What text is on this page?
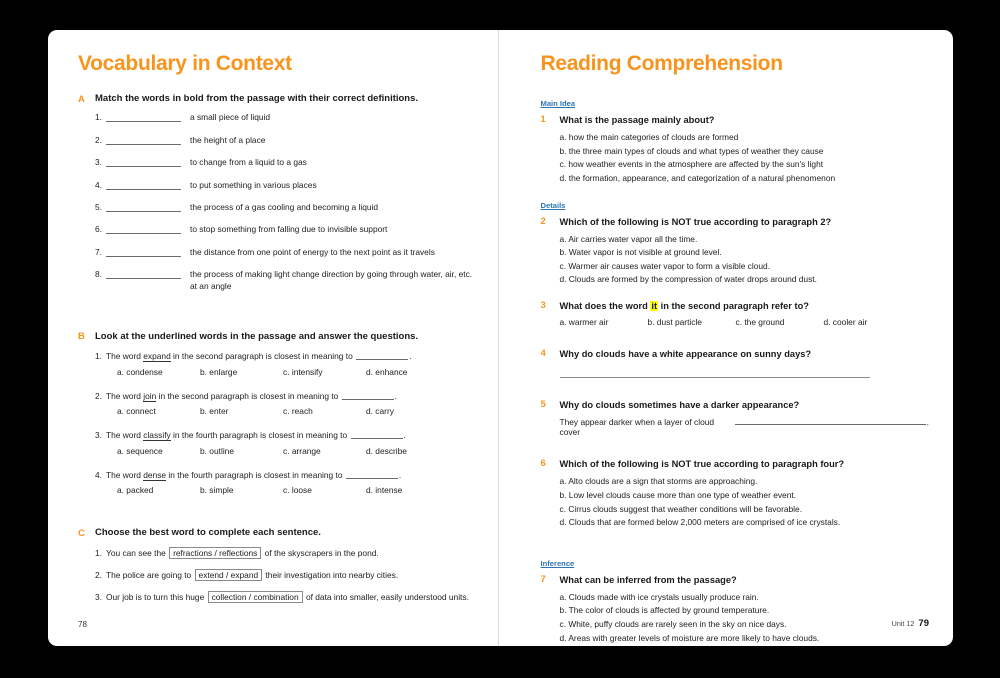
Vocabulary in Context
A	Match the words in bold from the passage with their correct definitions.
1.	a small piece of liquid
2.	the height of a place
3.	to change from a liquid to a gas
4.	to put something in various places
5.	the process of a gas cooling and becoming a liquid
6.	to stop something from falling due to invisible support
7.	the distance from one point of energy to the next point as it travels
8.	the process of making light change direction by going through water, air, etc. at an angle
B	Look at the underlined words in the passage and answer the questions.
1. The word expand in the second paragraph is closest in meaning to	.
a. condense	b. enlarge	c. intensify	d. enhance
2. The word join in the second paragraph is closest in meaning to	.
a. connect	b. enter	c. reach	d. carry
3. The word classify in the fourth paragraph is closest in meaning to	.
a. sequence	b. outline	c. arrange	d. describe
4. The word dense in the fourth paragraph is closest in meaning to	.
a. packed	b. simple	c. loose	d. intense
C	Choose the best word to complete each sentence.
1. You can see the refractions / reflections of the skyscrapers in the pond.
2. The police are going to extend / expand their investigation into nearby cities.
3. Our job is to turn this huge collection / combination of data into smaller, easily understood units.
78
Reading Comprehension
Main Idea
1	What is the passage mainly about?
a. how the main categories of clouds are formed
b. the three main types of clouds and what types of weather they cause
c. how weather events in the atmosphere are affected by the sun's light
d. the formation, appearance, and categorization of a natural phenomenon
Details
2	Which of the following is NOT true according to paragraph 2?
a. Air carries water vapor all the time.
b. Water vapor is not visible at ground level.
c. Warmer air causes water vapor to form a visible cloud.
d. Clouds are formed by the compression of water drops around dust.
3	What does the word it in the second paragraph refer to?
a. warmer air	b. dust particle	c. the ground	d. cooler air
4	Why do clouds have a white appearance on sunny days?
5	Why do clouds sometimes have a darker appearance?
They appear darker when a layer of cloud cover
.
6	Which of the following is NOT true according to paragraph four?
a. Alto clouds are a sign that storms are approaching.
b. Low level clouds cause more than one type of weather event.
c. Cirrus clouds suggest that weather conditions will be favorable.
d. Clouds that are formed below 2,000 meters are comprised of ice crystals.
Inference
7	What can be inferred from the passage?
a. Clouds made with ice crystals usually produce rain.
b. The color of clouds is affected by ground temperature.
c. White, puffy clouds are rarely seen in the sky on nice days.
d. Areas with greater levels of moisture are more likely to have clouds.
Unit 12 79
